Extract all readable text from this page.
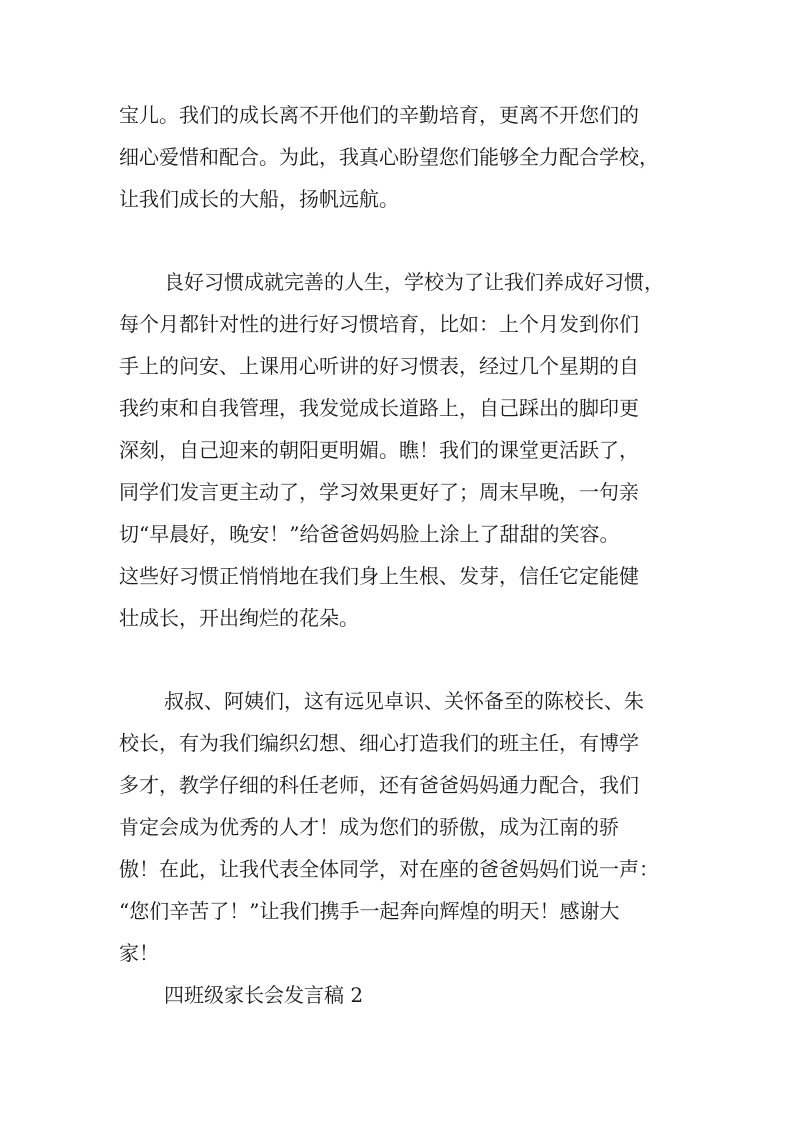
宝儿。我们的成长离不开他们的辛勤培育，更离不开您们的
细心爱惜和配合。为此，我真心盼望您们能够全力配合学校，
让我们成长的大船，扬帆远航。
良好习惯成就完善的人生，学校为了让我们养成好习惯，
每个月都针对性的进行好习惯培育，比如：上个月发到你们
手上的问安、上课用心听讲的好习惯表，经过几个星期的自
我约束和自我管理，我发觉成长道路上，自己踩出的脚印更
深刻，自己迎来的朝阳更明媚。瞧！我们的课堂更活跃了，
同学们发言更主动了，学习效果更好了；周末早晚，一句亲
切“早晨好，晚安！”给爸爸妈妈脸上涂上了甜甜的笑容。
这些好习惯正悄悄地在我们身上生根、发芽，信任它定能健
壮成长，开出绚烂的花朵。
叔叔、阿姨们，这有远见卓识、关怀备至的陈校长、朱
校长，有为我们编织幻想、细心打造我们的班主任，有博学
多才，教学仔细的科任老师，还有爸爸妈妈通力配合，我们
肯定会成为优秀的人才！成为您们的骄傲，成为江南的骄
傲！在此，让我代表全体同学，对在座的爸爸妈妈们说一声：
“您们辛苦了！”让我们携手一起奔向辉煌的明天！感谢大
家！
四班级家长会发言稿 2
